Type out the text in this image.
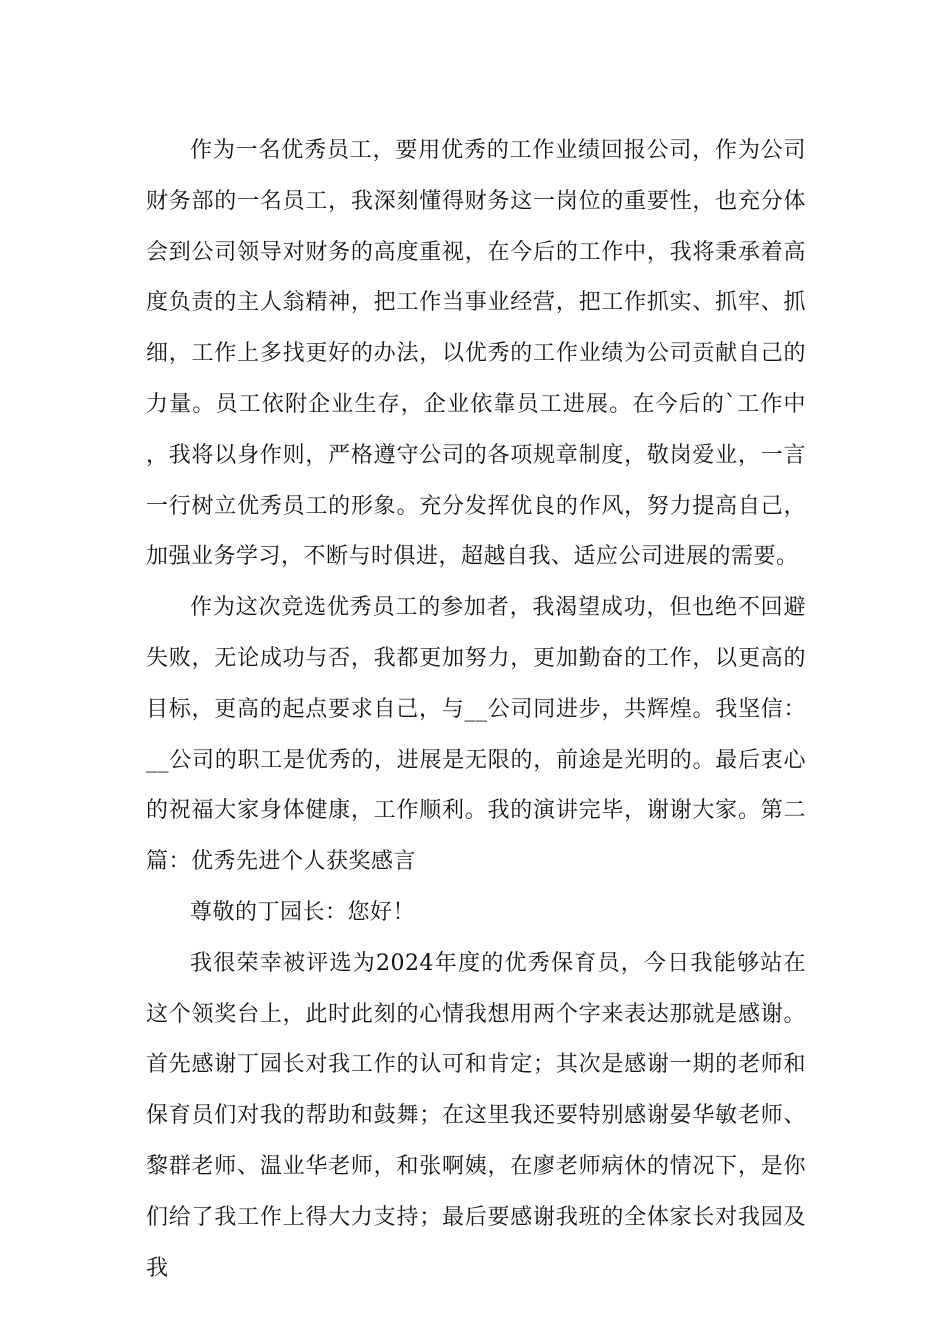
作为一名优秀员工，要用优秀的工作业绩回报公司，作为公司财务部的一名员工，我深刻懂得财务这一岗位的重要性，也充分体会到公司领导对财务的高度重视，在今后的工作中，我将秉承着高度负责的主人翁精神，把工作当事业经营，把工作抓实、抓牢、抓细，工作上多找更好的办法，以优秀的工作业绩为公司贡献自己的力量。员工依附企业生存，企业依靠员工进展。在今后的`工作中，我将以身作则，严格遵守公司的各项规章制度，敬岗爱业，一言一行树立优秀员工的形象。充分发挥优良的作风，努力提高自己，加强业务学习，不断与时俱进，超越自我、适应公司进展的需要。

作为这次竞选优秀员工的参加者，我渴望成功，但也绝不回避失败，无论成功与否，我都更加努力，更加勤奋的工作，以更高的目标，更高的起点要求自己，与__公司同进步，共辉煌。我坚信：__公司的职工是优秀的，进展是无限的，前途是光明的。最后衷心的祝福大家身体健康，工作顺利。我的演讲完毕，谢谢大家。第二篇：优秀先进个人获奖感言

尊敬的丁园长：您好！

我很荣幸被评选为2024年度的优秀保育员，今日我能够站在这个领奖台上，此时此刻的心情我想用两个字来表达那就是感谢。首先感谢丁园长对我工作的认可和肯定；其次是感谢一期的老师和保育员们对我的帮助和鼓舞；在这里我还要特别感谢晏华敏老师、黎群老师、温业华老师，和张啊姨，在廖老师病休的情况下，是你们给了我工作上得大力支持；最后要感谢我班的全体家长对我园及我
